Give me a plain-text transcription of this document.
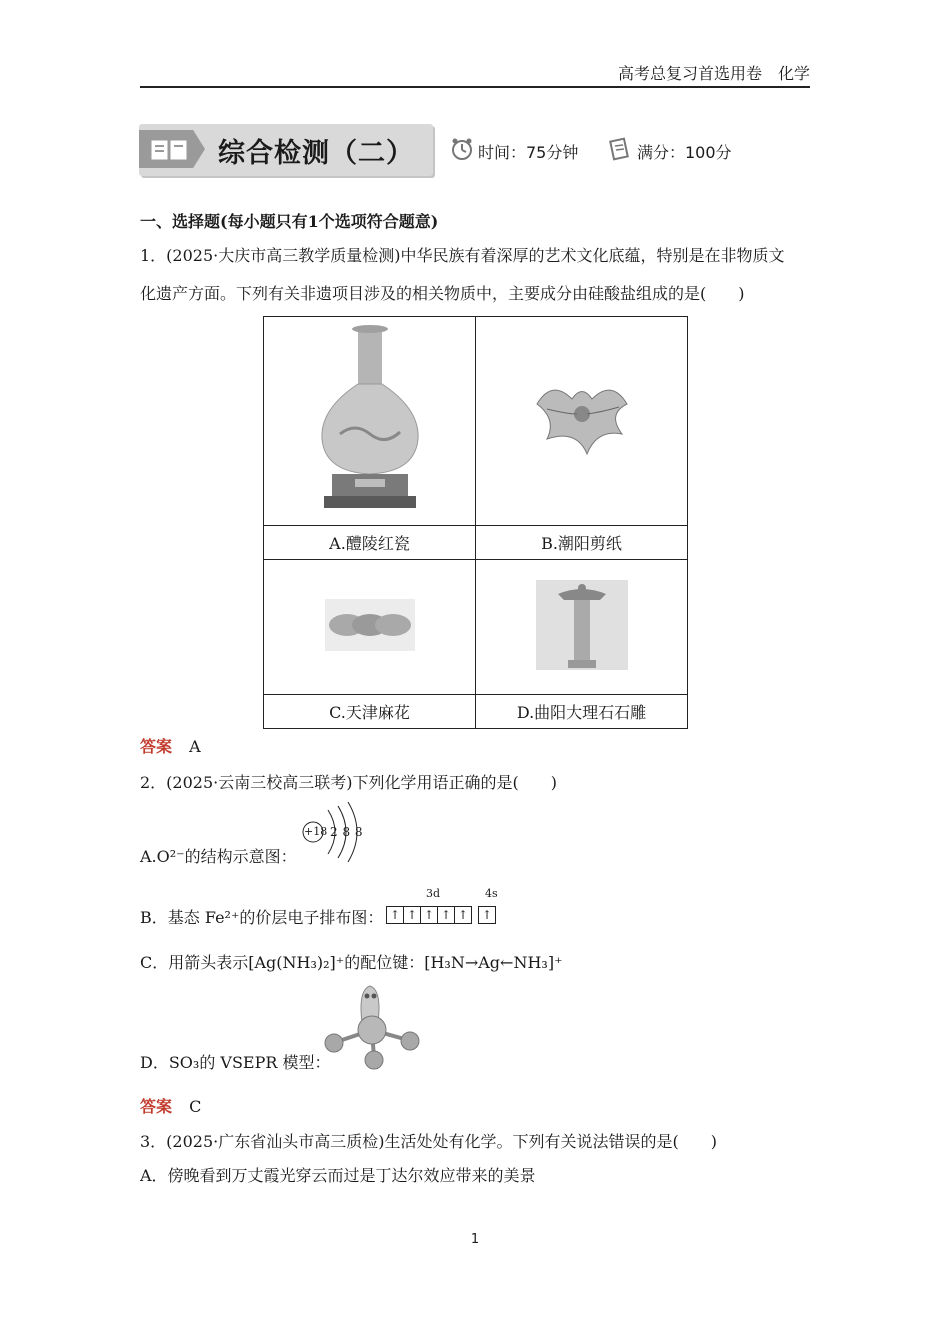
高考总复习首选用卷　化学
综合检测（二）	时间：75分钟	满分：100分
一、选择题(每小题只有1个选项符合题意)
1．(2025·大庆市高三教学质量检测)中华民族有着深厚的艺术文化底蕴，特别是在非物质文
化遗产方面。下列有关非遗项目涉及的相关物质中，主要成分由硅酸盐组成的是(　　)

A.醴陵红瓷	B.潮阳剪纸

C.天津麻花	D.曲阳大理石石雕
答案 A
2．(2025·云南三校高三联考)下列化学用语正确的是(　　)
A.O²⁻的结构示意图：
+18 2 8 8
B．基态 Fe²⁺的价层电子排布图：
3d	4s
↑ ↑ ↑ ↑ ↑ ↑
C．用箭头表示[Ag(NH₃)₂]⁺的配位键：[H₃N→Ag←NH₃]⁺
D．SO₃的 VSEPR 模型：
答案 C
3．(2025·广东省汕头市高三质检)生活处处有化学。下列有关说法错误的是(　　)
A．傍晚看到万丈霞光穿云而过是丁达尔效应带来的美景
1
